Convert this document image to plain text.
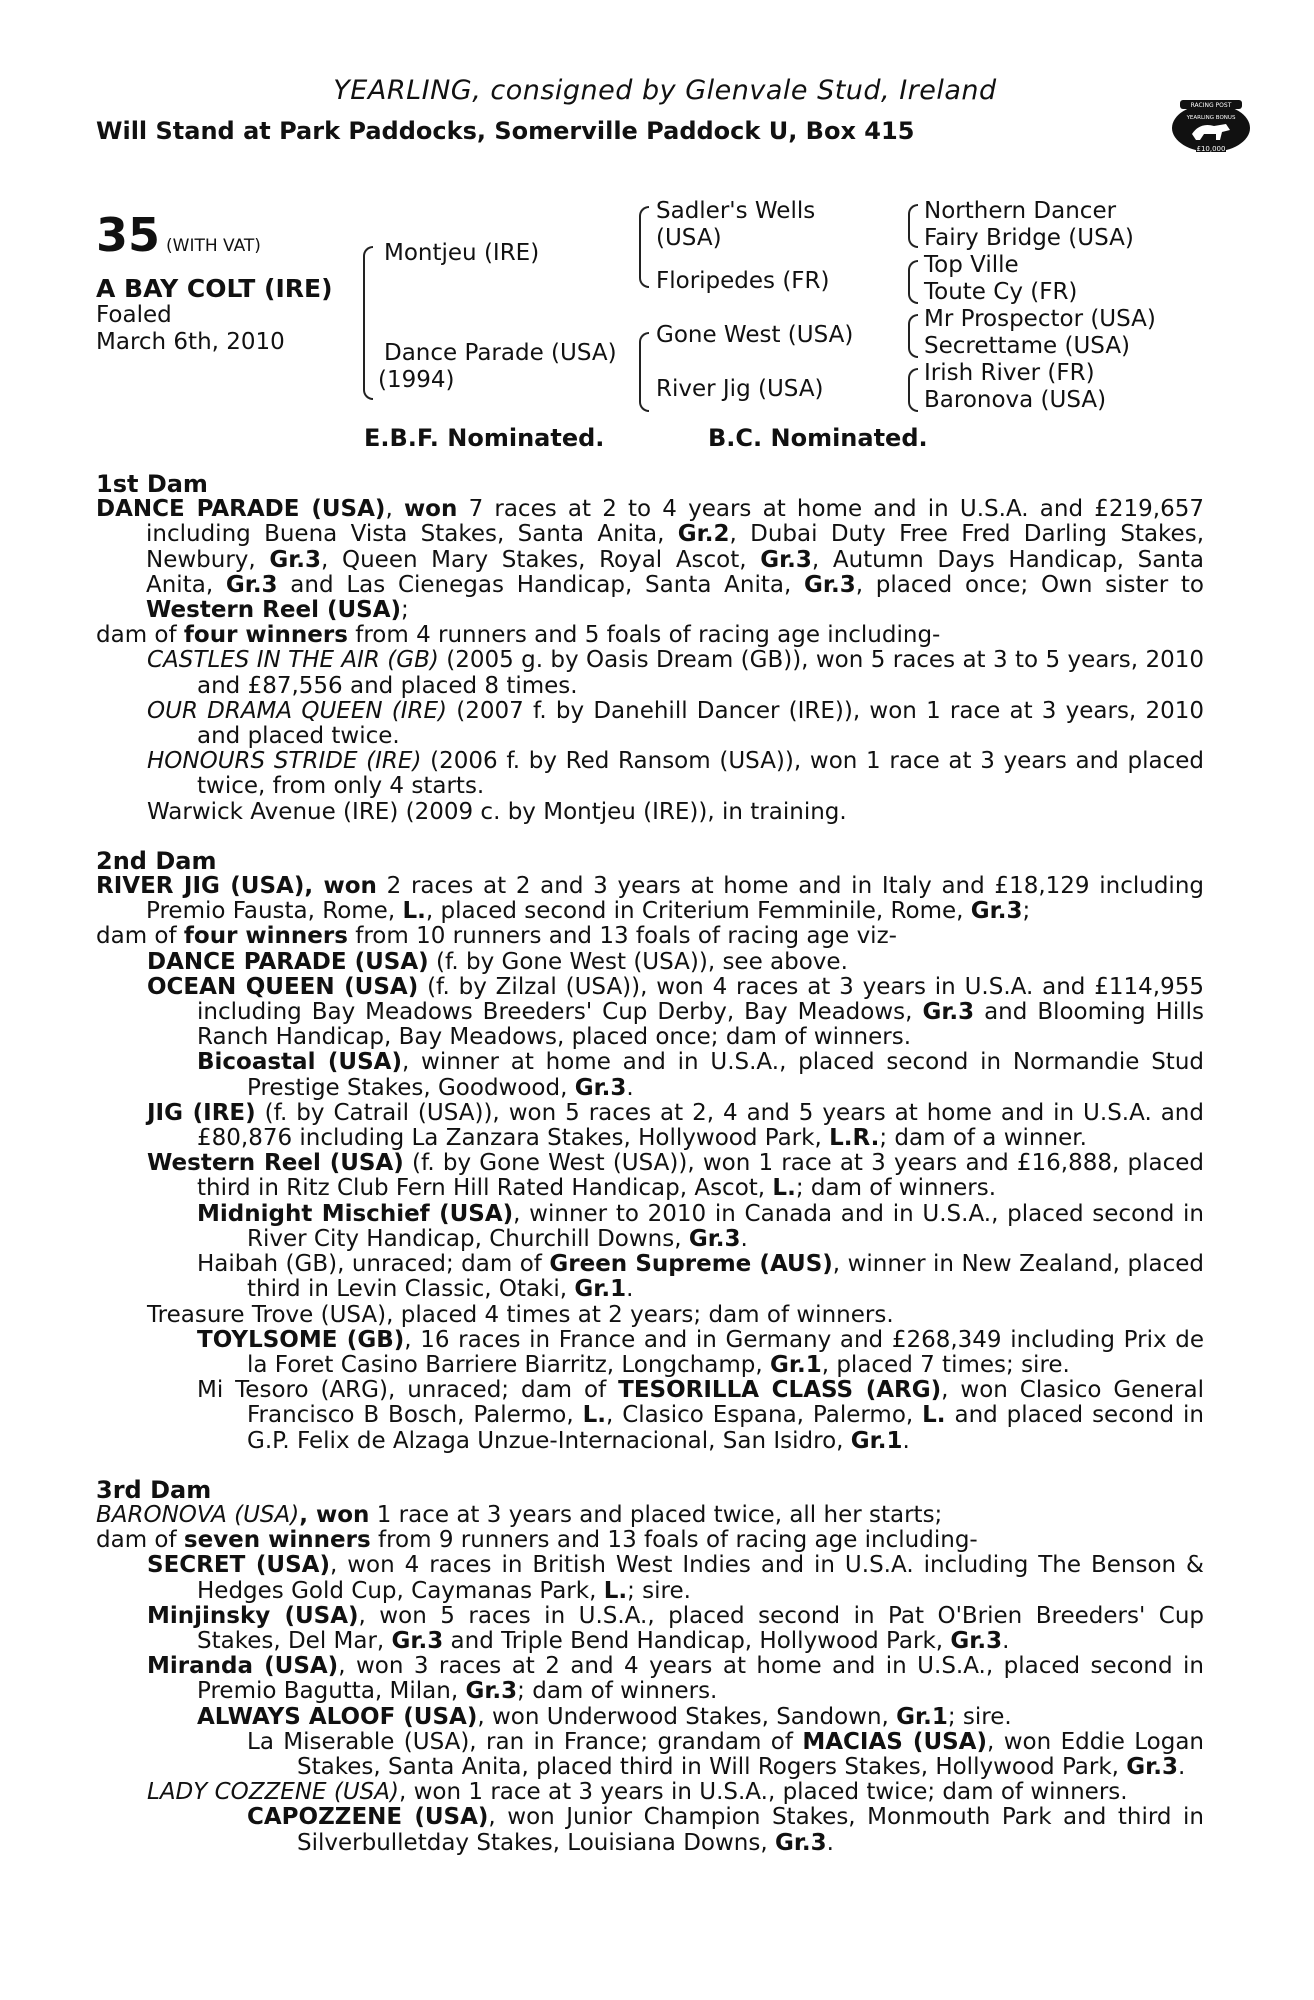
RACING POST
YEARLING BONUS
£10,000
YEARLING, consigned by Glenvale Stud, Ireland
Will Stand at Park Paddocks, Somerville Paddock U, Box 415
35 (WITH VAT)
A BAY COLT (IRE)
Foaled
March 6th, 2010
Montjeu (IRE)
Dance Parade (USA)
(1994)
Sadler's Wells
(USA)
Floripedes (FR)
Gone West (USA)
River Jig (USA)
Northern Dancer
Fairy Bridge (USA)
Top Ville
Toute Cy (FR)
Mr Prospector (USA)
Secrettame (USA)
Irish River (FR)
Baronova (USA)
E.B.F. Nominated.	B.C. Nominated.
1st Dam

DANCE PARADE (USA), won 7 races at 2 to 4 years at home and in U.S.A. and £219,657 including Buena Vista Stakes, Santa Anita, Gr.2, Dubai Duty Free Fred Darling Stakes, Newbury, Gr.3, Queen Mary Stakes, Royal Ascot, Gr.3, Autumn Days Handicap, Santa Anita, Gr.3 and Las Cienegas Handicap, Santa Anita, Gr.3, placed once; Own sister to Western Reel (USA);

dam of four winners from 4 runners and 5 foals of racing age including-

CASTLES IN THE AIR (GB) (2005 g. by Oasis Dream (GB)), won 5 races at 3 to 5 years, 2010 and £87,556 and placed 8 times.

OUR DRAMA QUEEN (IRE) (2007 f. by Danehill Dancer (IRE)), won 1 race at 3 years, 2010 and placed twice.

HONOURS STRIDE (IRE) (2006 f. by Red Ransom (USA)), won 1 race at 3 years and placed twice, from only 4 starts.

Warwick Avenue (IRE) (2009 c. by Montjeu (IRE)), in training.

2nd Dam

RIVER JIG (USA), won 2 races at 2 and 3 years at home and in Italy and £18,129 including Premio Fausta, Rome, L., placed second in Criterium Femminile, Rome, Gr.3;

dam of four winners from 10 runners and 13 foals of racing age viz-

DANCE PARADE (USA) (f. by Gone West (USA)), see above.

OCEAN QUEEN (USA) (f. by Zilzal (USA)), won 4 races at 3 years in U.S.A. and £114,955 including Bay Meadows Breeders' Cup Derby, Bay Meadows, Gr.3 and Blooming Hills Ranch Handicap, Bay Meadows, placed once; dam of winners.

Bicoastal (USA), winner at home and in U.S.A., placed second in Normandie Stud Prestige Stakes, Goodwood, Gr.3.

JIG (IRE) (f. by Catrail (USA)), won 5 races at 2, 4 and 5 years at home and in U.S.A. and £80,876 including La Zanzara Stakes, Hollywood Park, L.R.; dam of a winner.

Western Reel (USA) (f. by Gone West (USA)), won 1 race at 3 years and £16,888, placed third in Ritz Club Fern Hill Rated Handicap, Ascot, L.; dam of winners.

Midnight Mischief (USA), winner to 2010 in Canada and in U.S.A., placed second in River City Handicap, Churchill Downs, Gr.3.

Haibah (GB), unraced; dam of Green Supreme (AUS), winner in New Zealand, placed third in Levin Classic, Otaki, Gr.1.

Treasure Trove (USA), placed 4 times at 2 years; dam of winners.

TOYLSOME (GB), 16 races in France and in Germany and £268,349 including Prix de la Foret Casino Barriere Biarritz, Longchamp, Gr.1, placed 7 times; sire.

Mi Tesoro (ARG), unraced; dam of TESORILLA CLASS (ARG), won Clasico General Francisco B Bosch, Palermo, L., Clasico Espana, Palermo, L. and placed second in G.P. Felix de Alzaga Unzue-Internacional, San Isidro, Gr.1.

3rd Dam

BARONOVA (USA), won 1 race at 3 years and placed twice, all her starts;

dam of seven winners from 9 runners and 13 foals of racing age including-

SECRET (USA), won 4 races in British West Indies and in U.S.A. including The Benson & Hedges Gold Cup, Caymanas Park, L.; sire.

Minjinsky (USA), won 5 races in U.S.A., placed second in Pat O'Brien Breeders' Cup Stakes, Del Mar, Gr.3 and Triple Bend Handicap, Hollywood Park, Gr.3.

Miranda (USA), won 3 races at 2 and 4 years at home and in U.S.A., placed second in Premio Bagutta, Milan, Gr.3; dam of winners.

ALWAYS ALOOF (USA), won Underwood Stakes, Sandown, Gr.1; sire.

La Miserable (USA), ran in France; grandam of MACIAS (USA), won Eddie Logan Stakes, Santa Anita, placed third in Will Rogers Stakes, Hollywood Park, Gr.3.

LADY COZZENE (USA), won 1 race at 3 years in U.S.A., placed twice; dam of winners.

CAPOZZENE (USA), won Junior Champion Stakes, Monmouth Park and third in Silverbulletday Stakes, Louisiana Downs, Gr.3.
